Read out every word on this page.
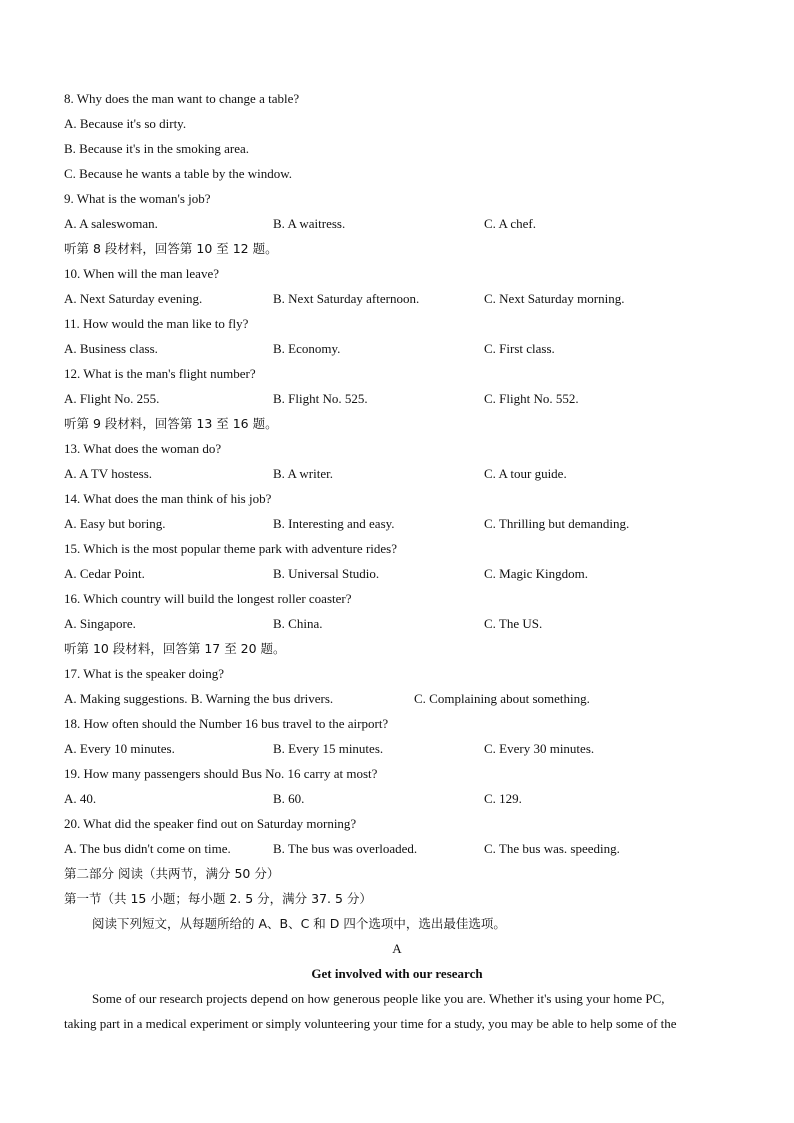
8. Why does the man want to change a table?
A. Because it's so dirty.
B. Because it's in the smoking area.
C. Because he wants a table by the window.
9. What is the woman's job?
A. A saleswoman.	B. A waitress.	C. A chef.
听第 8 段材料，回答第 10 至 12 题。
10. When will the man leave?
A. Next Saturday evening.	B. Next Saturday afternoon.	C. Next Saturday morning.
11. How would the man like to fly?
A. Business class.	B. Economy.	C. First class.
12. What is the man's flight number?
A. Flight No. 255.	B. Flight No. 525.	C. Flight No. 552.
听第 9 段材料，回答第 13 至 16 题。
13. What does the woman do?
A. A TV hostess.	B. A writer.	C. A tour guide.
14. What does the man think of his job?
A. Easy but boring.	B. Interesting and easy.	C. Thrilling but demanding.
15. Which is the most popular theme park with adventure rides?
A. Cedar Point.	B. Universal Studio.	C. Magic Kingdom.
16. Which country will build the longest roller coaster?
A. Singapore.	B. China.	C. The US.
听第 10 段材料，回答第 17 至 20 题。
17. What is the speaker doing?
A. Making suggestions. B. Warning the bus drivers.	C. Complaining about something.
18. How often should the Number 16 bus travel to the airport?
A. Every 10 minutes.	B. Every 15 minutes.	C. Every 30 minutes.
19. How many passengers should Bus No. 16 carry at most?
A. 40.	B. 60.	C. 129.
20. What did the speaker find out on Saturday morning?
A. The bus didn't come on time.	B. The bus was overloaded.	C. The bus was. speeding.
第二部分 阅读（共两节，满分 50 分）
第一节（共 15 小题；每小题 2. 5 分，满分 37. 5 分）
阅读下列短文，从每题所给的 A、B、C 和 D 四个选项中，选出最佳选项。
A
Get involved with our research
Some of our research projects depend on how generous people like you are. Whether it's using your home PC,
taking part in a medical experiment or simply volunteering your time for a study, you may be able to help some of the
